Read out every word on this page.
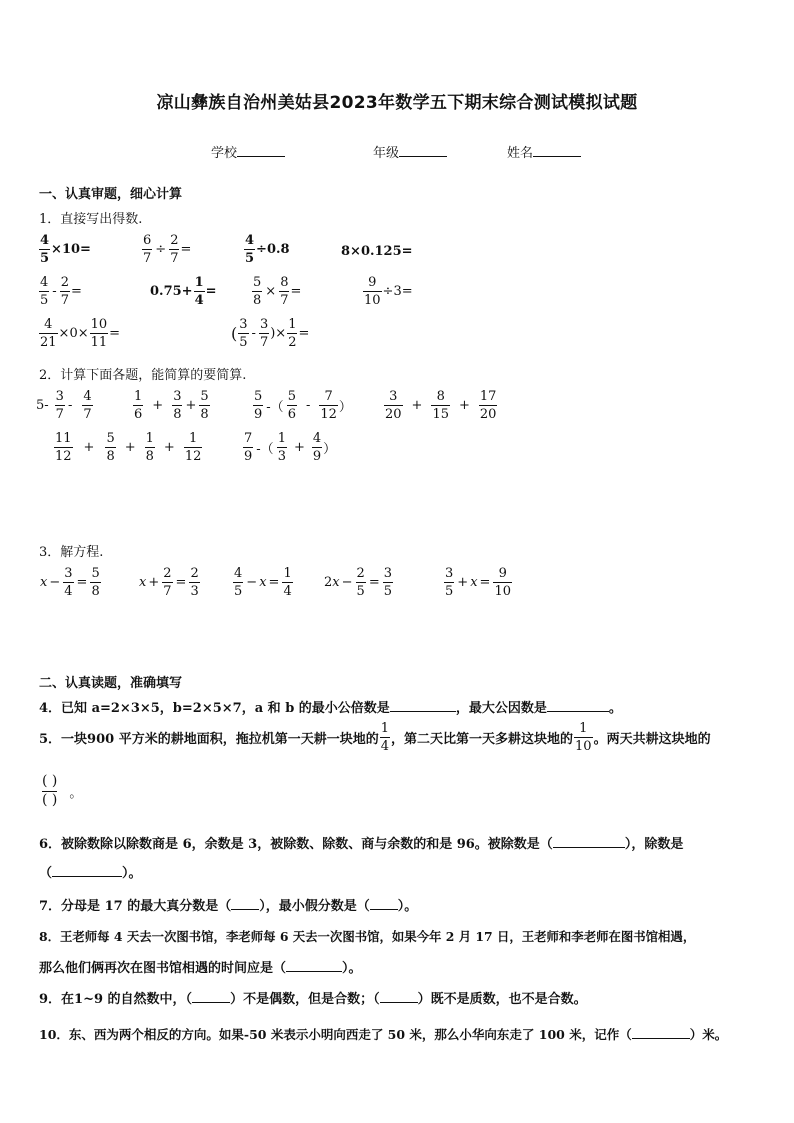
凉山彝族自治州美姑县2023年数学五下期末综合测试模拟试题
学校	年级	姓名
一、认真审题，细心计算
1．直接写出得数.
$\frac{4}{5} \times 10=$	$\frac{6}{7} \div \frac{2}{7}$ =	$\frac{4}{5} \div 0.8$	8×0.125=
$\frac{4}{5} - \frac{2}{7}$ =	$0.75+ \frac{1}{4}$ =	$\frac{5}{8} \times \frac{8}{7}$ =	$\frac{9}{10} \div 3=$
$\frac{4}{21} \times 0\times \frac{10}{11}$ =	( $\frac{3}{5} - \frac{3}{7}$ )× $\frac{1}{2}$ =
2．计算下面各题，能简算的要简算.
$5- \frac{3}{7} - \frac{4}{7}$	$\frac{1}{6} + \frac{3}{8} + \frac{5}{8}$	$\frac{5}{9}$ -（ $\frac{5}{6} - \frac{7}{12}$ ） $\frac{3}{20} + \frac{8}{15} + \frac{17}{20}$
$\frac{11}{12} + \frac{5}{8} + \frac{1}{8} + \frac{1}{12}$	$\frac{7}{9}$ -（ $\frac{1}{3} + \frac{4}{9}$ ）
3．解方程.
$x - \frac{3}{4} = \frac{5}{8}$	$x + \frac{2}{7} = \frac{2}{3}$	$\frac{4}{5} - x = \frac{1}{4} 2$ $x - \frac{2}{5} = \frac{3}{5}$	$\frac{3}{5} + x = \frac{9}{10}$
二、认真读题，准确填写
4．已知 a=2×3×5，b=2×5×7，a 和 b 的最小公倍数是	，最大公因数是	。
5．一块900 平方米的耕地面积，拖拉机第一天耕一块地的 $\frac{1}{4}$ ，第二天比第一天多耕这块地的 $\frac{1}{10}$ 。两天共耕这块地的
$\frac{( )}{( )}$ 。
6．被除数除以除数商是 6，余数是 3，被除数、除数、商与余数的和是 96。被除数是（	），除数是
（	）。
7．分母是 17 的最大真分数是（ ），最小假分数是（ ）。
8．王老师每 4 天去一次图书馆，李老师每 6 天去一次图书馆，如果今年 2 月 17 日，王老师和李老师在图书馆相遇，
那么他们俩再次在图书馆相遇的时间应是（	）。
9．在1~9 的自然数中，（	）不是偶数，但是合数；（	）既不是质数，也不是合数。
10．东、西为两个相反的方向。如果-50 米表示小明向西走了 50 米，那么小华向东走了 100 米，记作（	）米。
